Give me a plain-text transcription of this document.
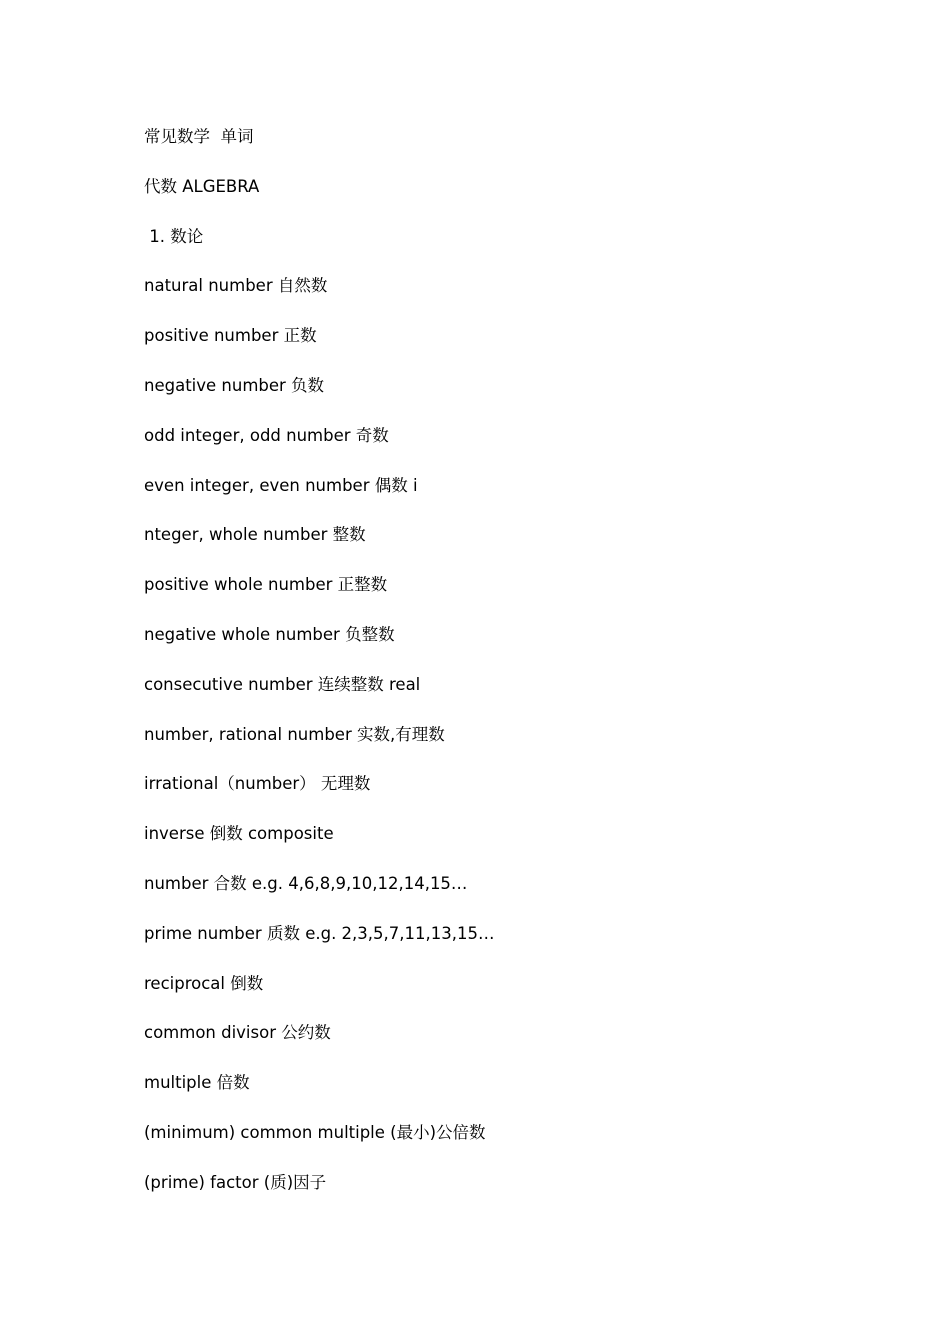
常见数学  单词
代数 ALGEBRA
1. 数论
natural number 自然数
positive number 正数
negative number 负数
odd integer, odd number 奇数
even integer, even number 偶数 i
nteger, whole number 整数
positive whole number 正整数
negative whole number 负整数
consecutive number 连续整数 real
number, rational number 实数,有理数
irrational（number） 无理数
inverse 倒数 composite
number 合数 e.g. 4,6,8,9,10,12,14,15…
prime number 质数 e.g. 2,3,5,7,11,13,15…
reciprocal 倒数
common divisor 公约数
multiple 倍数
(minimum) common multiple (最小)公倍数
(prime) factor (质)因子
